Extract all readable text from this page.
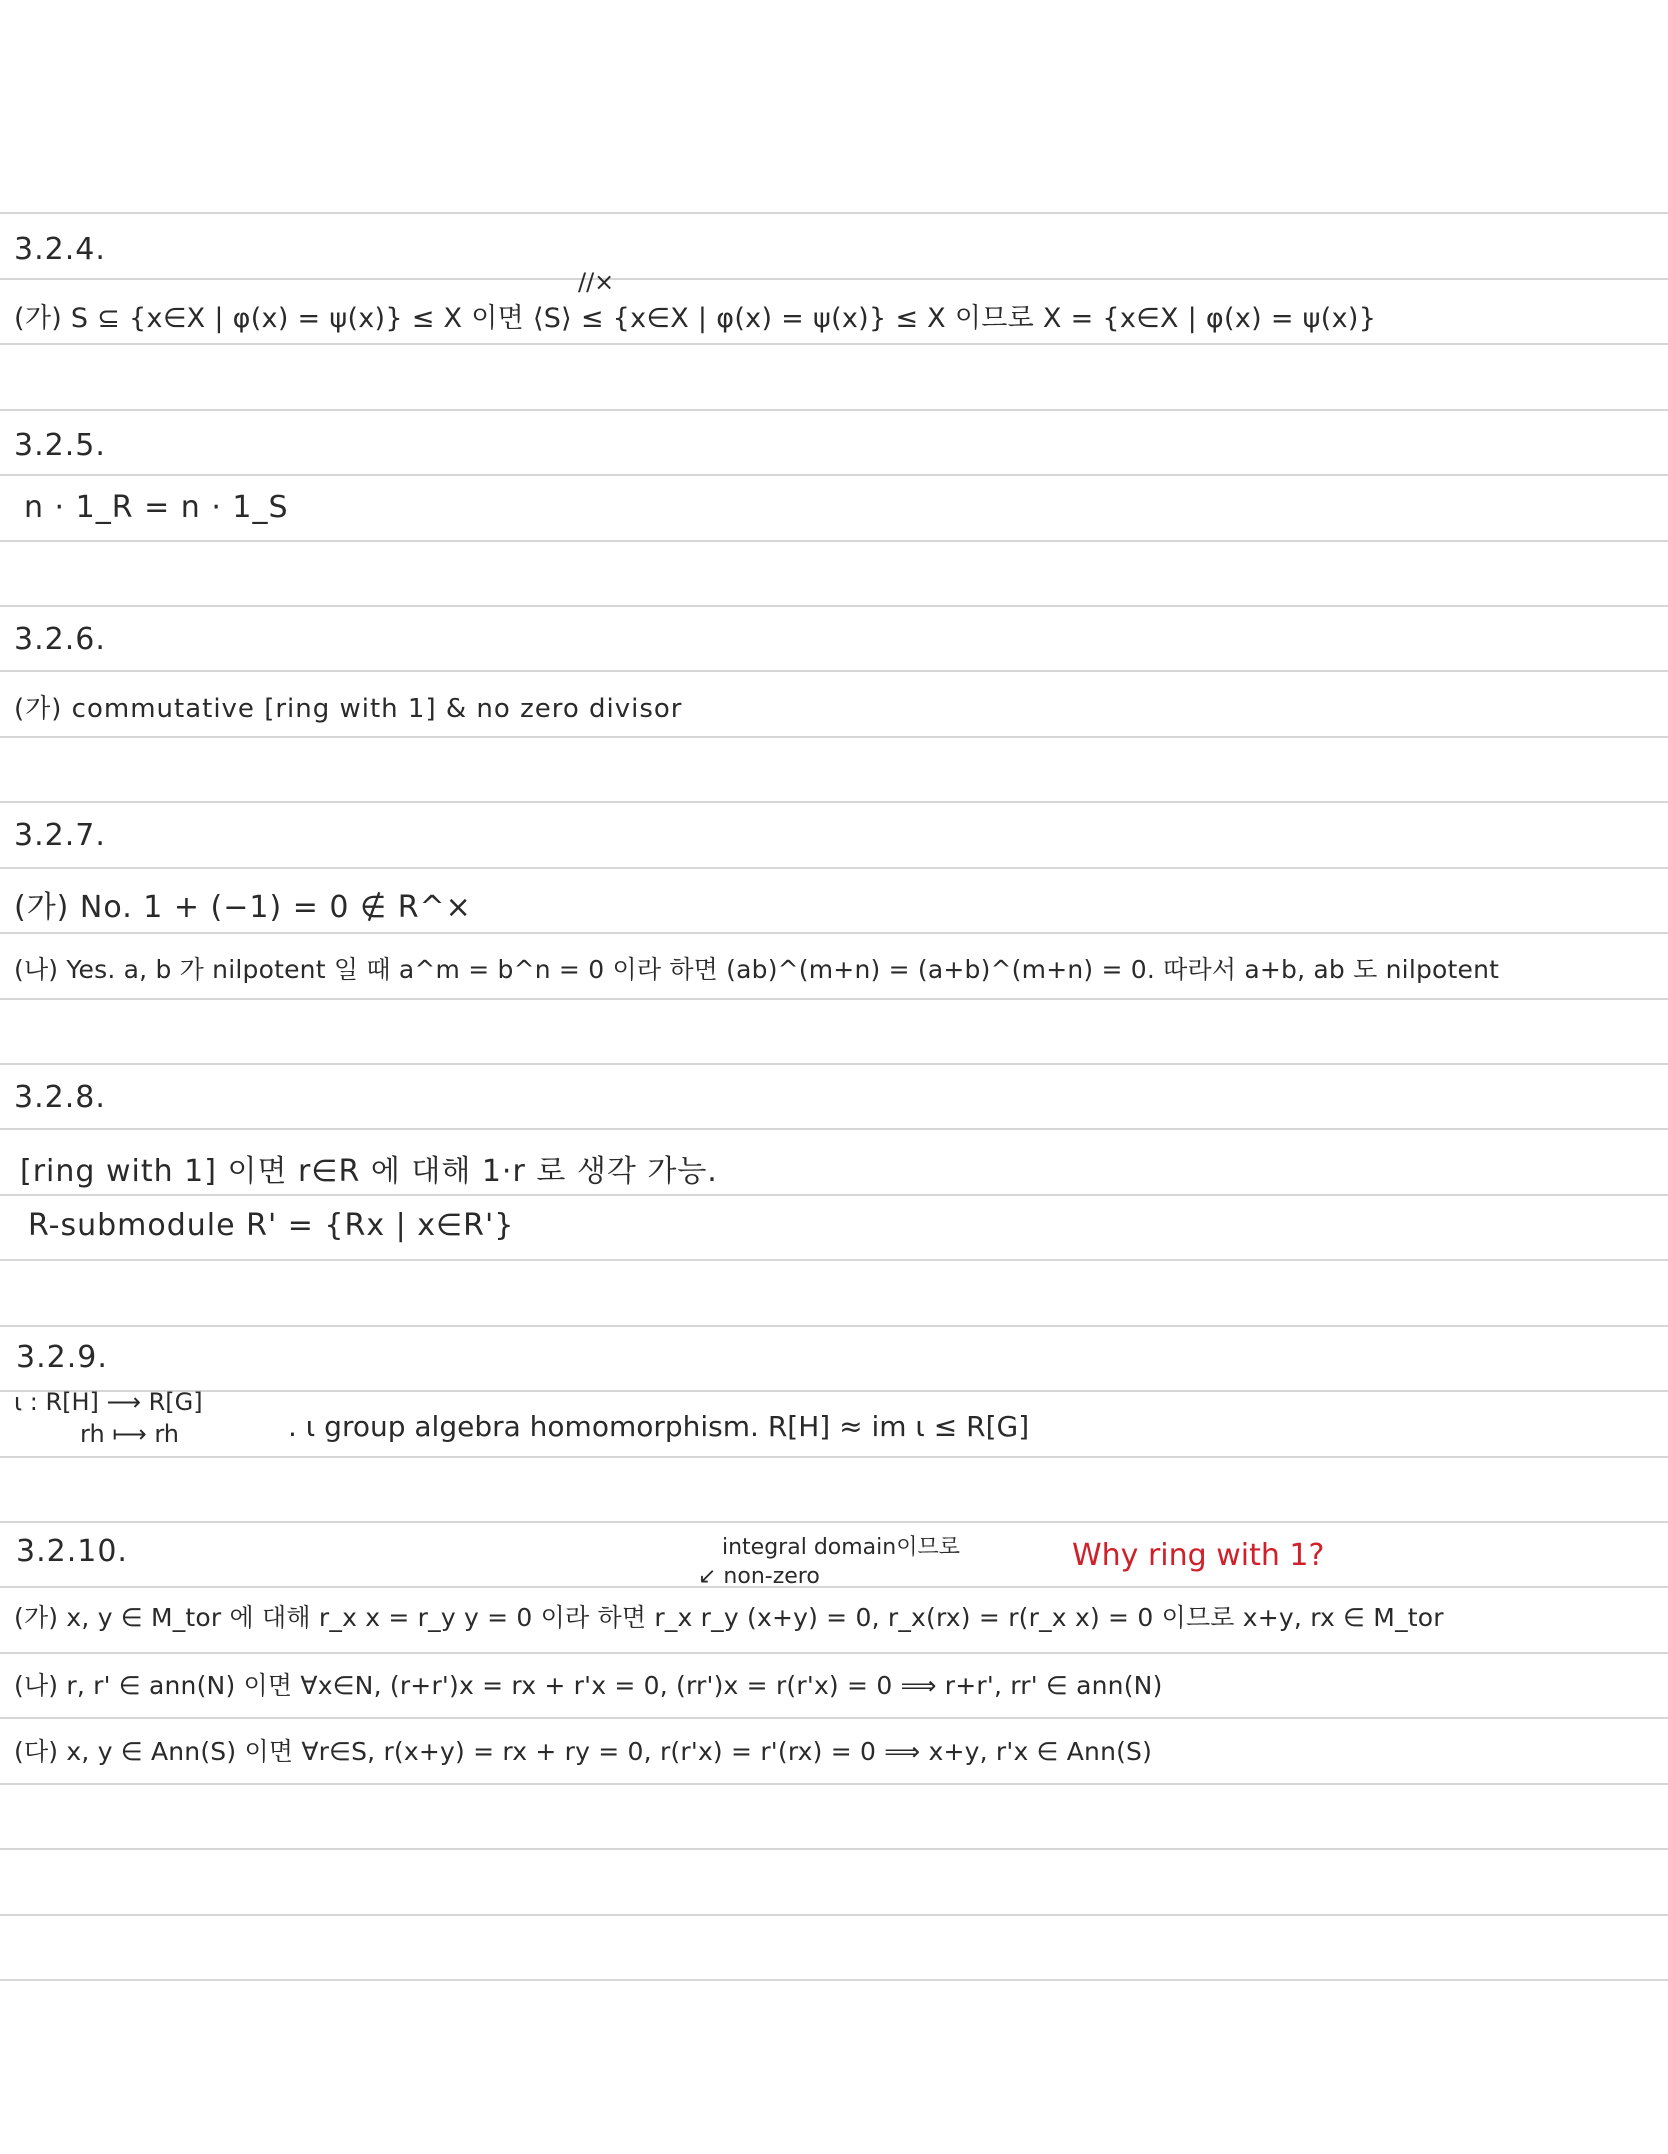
3.2.4.
//×
(가) S ⊆ {x∈X | φ(x) = ψ(x)} ≤ X 이면 ⟨S⟩ ≤ {x∈X | φ(x) = ψ(x)} ≤ X 이므로 X = {x∈X | φ(x) = ψ(x)}
3.2.5.
n · 1_R = n · 1_S
3.2.6.
(가) commutative [ring with 1] & no zero divisor
3.2.7.
(가) No. 1 + (−1) = 0 ∉ R^×
(나) Yes. a, b 가 nilpotent 일 때 a^m = b^n = 0 이라 하면 (ab)^(m+n) = (a+b)^(m+n) = 0. 따라서 a+b, ab 도 nilpotent
3.2.8.
[ring with 1] 이면 r∈R 에 대해 1·r 로 생각 가능.
R-submodule R' = {Rx | x∈R'}
3.2.9.
ι : R[H] ⟶ R[G]
rh ⟼ rh	. ι group algebra homomorphism. R[H] ≈ im ι ≤ R[G]
3.2.10.	integral domain이므로
↙ non-zero
Why ring with 1?
(가) x, y ∈ M_tor 에 대해 r_x x = r_y y = 0 이라 하면 r_x r_y (x+y) = 0, r_x(rx) = r(r_x x) = 0 이므로 x+y, rx ∈ M_tor
(나) r, r' ∈ ann(N) 이면 ∀x∈N, (r+r')x = rx + r'x = 0, (rr')x = r(r'x) = 0 ⟹ r+r', rr' ∈ ann(N)
(다) x, y ∈ Ann(S) 이면 ∀r∈S, r(x+y) = rx + ry = 0, r(r'x) = r'(rx) = 0 ⟹ x+y, r'x ∈ Ann(S)
